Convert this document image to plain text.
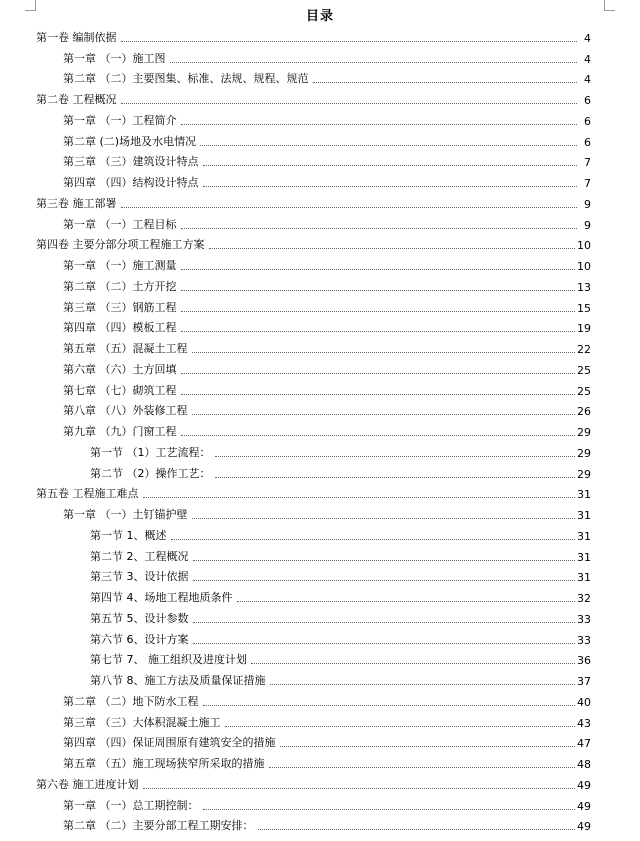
目录
第一卷 编制依据	4
第一章 （一）施工图	4
第二章 （二）主要图集、标准、法规、规程、规范	4
第二卷 工程概况	6
第一章 （一）工程简介	6
第二章 (二)场地及水电情况	6
第三章 （三）建筑设计特点	7
第四章 （四）结构设计特点	7
第三卷 施工部署	9
第一章 （一）工程目标	9
第四卷 主要分部分项工程施工方案	10
第一章 （一）施工测量	10
第二章 （二）土方开挖	13
第三章 （三）钢筋工程	15
第四章 （四）模板工程	19
第五章 （五）混凝土工程	22
第六章 （六）土方回填	25
第七章 （七）砌筑工程	25
第八章 （八）外装修工程	26
第九章 （九）门窗工程	29
第一节 （1）工艺流程：	29
第二节 （2）操作工艺：	29
第五卷 工程施工难点	31
第一章 （一）土钉锚护壁	31
第一节 1、概述	31
第二节 2、工程概况	31
第三节 3、设计依据	31
第四节 4、场地工程地质条件	32
第五节 5、设计参数	33
第六节 6、设计方案	33
第七节 7、 施工组织及进度计划	36
第八节 8、施工方法及质量保证措施	37
第二章 （二）地下防水工程	40
第三章 （三）大体积混凝土施工	43
第四章 （四）保证周围原有建筑安全的措施	47
第五章 （五）施工现场狭窄所采取的措施	48
第六卷 施工进度计划	49
第一章 （一）总工期控制：	49
第二章 （二）主要分部工程工期安排：	49
